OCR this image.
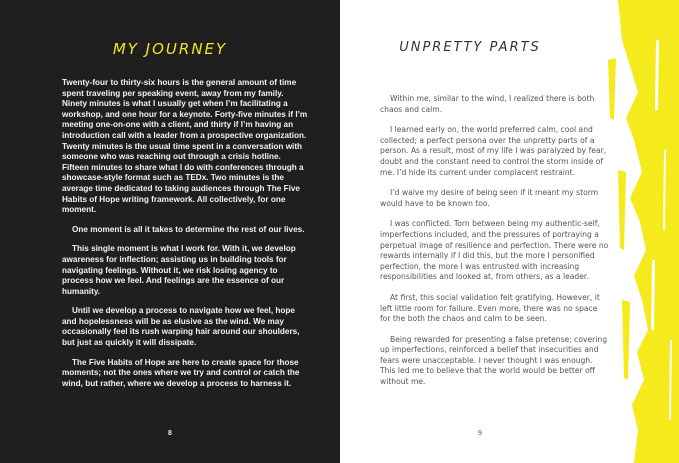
MY JOURNEY

Twenty-four to thirty-six hours is the general amount of time spent traveling per speaking event, away from my family. Ninety minutes is what I usually get when I’m facilitating a workshop, and one hour for a keynote. Forty-five minutes if I’m meeting one-on-one with a client, and thirty if I’m having an introduction call with a leader from a prospective organization. Twenty minutes is the usual time spent in a conversation with someone who was reaching out through a crisis hotline. Fifteen minutes to share what I do with conferences through a showcase-style format such as TEDx. Two minutes is the average time dedicated to taking audiences through The Five Habits of Hope writing framework. All collectively, for one moment.

One moment is all it takes to determine the rest of our lives.

This single moment is what I work for. With it, we develop awareness for inflection; assisting us in building tools for navigating feelings. Without it, we risk losing agency to process how we feel. And feelings are the essence of our humanity.

Until we develop a process to navigate how we feel, hope and hopelessness will be as elusive as the wind. We may occasionally feel its rush warping hair around our shoulders, but just as quickly it will dissipate.

The Five Habits of Hope are here to create space for those moments; not the ones where we try and control or catch the wind, but rather, where we develop a process to harness it.

8
UNPRETTY PARTS

Within me, similar to the wind, I realized there is both chaos and calm.

I learned early on, the world preferred calm, cool and collected; a perfect persona over the unpretty parts of a person. As a result, most of my life I was paralyzed by fear, doubt and the constant need to control the storm inside of me. I’d hide its current under complacent restraint.

I’d waive my desire of being seen if it meant my storm would have to be known too.

I was conflicted. Torn between being my authentic-self, imperfections included, and the pressures of portraying a perpetual image of resilience and perfection. There were no rewards internally if I did this, but the more I personified perfection, the more I was entrusted with increasing responsibilities and looked at, from others, as a leader.

At first, this social validation felt gratifying. However, it left little room for failure. Even more, there was no space for the both the chaos and calm to be seen.

Being rewarded for presenting a false pretense; covering up imperfections, reinforced a belief that insecurities and fears were unacceptable. I never thought I was enough. This led me to believe that the world would be better off without me.

9
